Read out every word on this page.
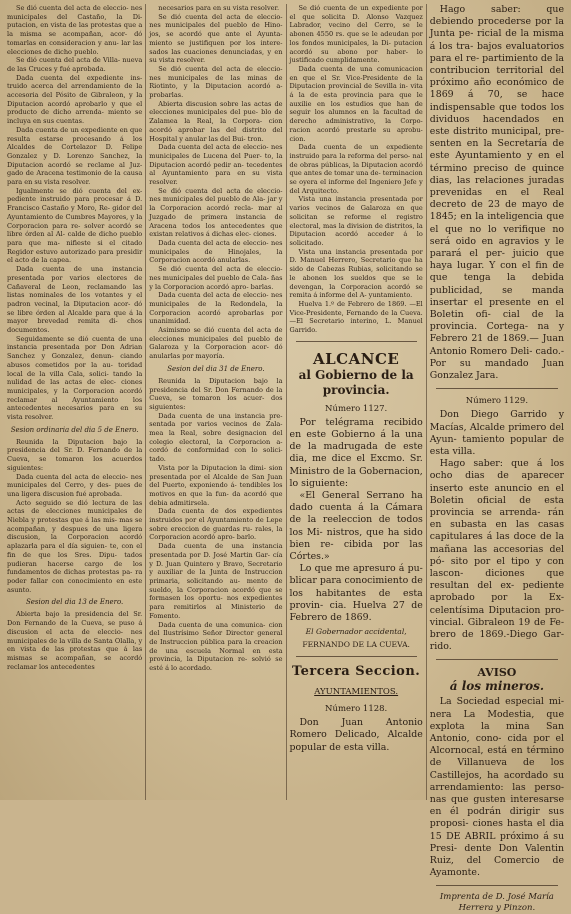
Se dió cuenta del acta de eleccio- nes municipales del Castaño, la Di- putacion, en vista de las protestas que a la misma se acompañan, acor- dó tomarlas en consideracion y anu- lar las elecciones de dicho pueblo.

Se dió cuenta del acta de Villa- nueva de las Cruces y fué aprobada.

Dada cuenta del expediente ins- truido acerca del arrendamiento de la accesoria del Pósito de Gibraleon, y la Diputacion acordó aprobarlo y que el producto de dicho arrenda- miento se incluya en sus cuentas.

Dada cuenta de un expediente en que resulta estarse procesando á los Alcaldes de Cortelazor D. Felipe Gonzalez y D. Lorenzo Sanchez, la Diputacion acordó se reclame al Juz- gado de Aracena testimonio de la causa para en su vista resolver.

Igualmente se dió cuenta del ex- pediente instruido para procesar á D. Francisco Castaño y Moro, Re- gidor del Ayuntamiento de Cumbres Mayores, y la Corporacion para re- solver acordó se libre órden al Al- calde de dicho pueblo para que ma- nifieste si el citado Regidor estuvo autorizado para presidir el acto de la capea.

Dada cuenta de una instancia presentada por varios electores de Cañaveral de Leon, reclamando las listas nominales de los votantes y el padron vecinal, la Diputacion acor- dó se libre órden al Alcalde para que á la mayor brevedad remita di- chos documentos.

Seguidamente se dió cuenta de una instancia presentada por Don Adrian Sanchez y Gonzalez, denun- ciando abusos cometidos por la au- toridad local de la villa Cala, solici- tando la nulidad de las actas de elec- ciones municipales, y la Corporacion acordó reclamar al Ayuntamiento los antecedentes necesarios para en su vista resolver.

Sesion ordinaria del dia 5 de Enero.

Reunida la Diputacion bajo la presidencia del Sr. D. Fernando de la Cueva, se tomaron los acuerdos siguientes:

Dada cuenta del acta de eleccio- nes municipales del Cerro, y des- pues de una ligera discusion fué aprobada.

Acto seguido se dió lectura de las actas de elecciones municipales de Niebla y protestas que á las mis- mas se acompañan, y despues de una ligera discusion, la Corporacion acordó aplazarla para el día siguien- te, con el fin de que los Sres. Dipu- tados pudieran hacerse cargo de los fundamentos de dichas protestas pa- ra poder fallar con conocimiento en este asunto.

Sesion del dia 13 de Enero.

Abierta bajo la presidencia del Sr. Don Fernando de la Cueva, se puso á discusion el acta de eleccio- nes municipales de la villa de Santa Olalla, y en vista de las protestas que á las mismas se acompañan, se acordó reclamar los antecedentes

necesarios para en su vista resolver.

Se dió cuenta del acta de eleccio- nes municipales del pueblo de Hino- jos, se acordó que ante el Ayunta- miento se justifiquen por los intere- sados las cuaciones denunciadas, y en su vista resolver.

Se dió cuenta del acta de eleccio- nes municipales de las minas de Riotinto, y la Diputacion acordó a- probarlas.

Abierta discusion sobre las actas de elecciones municipales del pue- blo de Zalamea la Real, la Corpora- cion acordó aprobar las del distrito del Hospital y anular las del Bui- tron.

Dada cuenta del acta de eleccio- nes municipales de Lucena del Puer- to, la Diputacion acordó pedir an- tecedentes al Ayuntamiento para en su vista resolver.

Se dió cuenta del acta de eleccio- nes municipales del pueblo de Ala- jar y la Corporacion acordó recla- mar al Juzgado de primera instancia de Aracena todos los antecedentes que existan relativos á dichas elec- ciones.

Dada cuenta del acta de eleccio- nes municipales de Hinojales, la Corporacion acordó anularlas.

Se dió cuenta del acta de eleccio- nes municipales del pueblo de Cala- ñas y la Corporacion acordó apro- barlas.

Dada cuenta del acta de eleccio- nes municipales de la Redondela, la Corporacion acordó aprobarlas por unanimidad.

Asimismo se dió cuenta del acta de elecciones municipales del pueblo de Galaroza y la Corporacion acor- dó anularlas por mayoría.

Sesion del dia 31 de Enero.

Reunida la Diputacion bajo la presidencia del Sr. Don Fernando de la Cueva, se tomaron los acuer- dos siguientes:

Dada cuenta de una instancia pre- sentada por varios vecinos de Zala- mea la Real, sobre designacion del colegio electoral, la Corporacion a- cordó de conformidad con lo solici- tado.

Vista por la Diputacion la dimi- sion presentada por el Alcalde de San Juan del Puerto, exponiendo á- tendibles los motivos en que la fun- da acordó que debia admitirsela.

Dada cuenta de dos expedientes instruidos por el Ayuntamiento de Lepe sobre ereccion de guardas ru- rales, la Corporacion acordó apro- barlo.

Dada cuenta de una instancia presentada por D. José Martin Gar- cía y D. Juan Quintero y Bravo, Secretario y auxiliar de la Junta de Instruccion primaria, solicitando au- mento de sueldo, la Corporacion acordó que se formasen los oportu- nos expedientes para remitirlos al Ministerio de Fomento.

Dada cuenta de una comunica- cion del Ilustrísimo Señor Director general de Instruccion pública para la creacion de una escuela Normal en esta provincia, la Diputacion re- solvió se esté á lo acordado.

Se dió cuenta de un expediente por el que solicita D. Alonso Vazquez Labrador, vecino del Cerro, se le abonen 4550 rs. que se le adeudan por los fondos municipales, la Di- putacion acordó su abono por haber- lo justificado cumplidamente.

Dada cuenta de una comunicacion en que el Sr. Vice-Presidente de la Diputacion provincial de Sevilla in- vita á la de esta provincia para que le auxilie en los estudios que han de seguir los alumnos en la facultad de derecho administrativo, la Corpo- racion acordó prestarle su aprobu- cion.

Dada cuenta de un expediente instruido para la reforma del perso- nal de obras públicas, la Diputacion acordó que antes de tomar una de- terminacion se oyera el informe del Ingeniero Jefe y del Arquitecto.

Vista una instancia presentada por varios vecinos de Galaroza en que solicitan se reforme el registro electoral, mas la division de distritos, la Diputacion acordó acceder á lo solicitado.

Vista una instancia presentada por D. Manuel Herrero, Secretario que ha sido de Cabezas Rubias, solicitando se le abonen los sueldos que se le devengan, la Corporacion acordó se remita á informe del A- yuntamiento.

Huelva 1.º de Febrero de 1869. —El Vice-Presidente, Fernando de la Cueva.—El Secretario interino, L. Manuel Garrido.

ALCANCE

al Gobierno de la provincia.

Número 1127.

Por telégrama recibido en este Gobierno á la una de la madrugada de este dia, me dice el Excmo. Sr. Ministro de la Gobernacion, lo siguiente:

«El General Serrano ha dado cuenta á la Cámara de la reeleccion de todos los Mi- nistros, que ha sido bien re- cibida por las Córtes.»

Lo que me apresuro á pu- blicar para conocimiento de los habitantes de esta provin- cia. Huelva 27 de Febrero de 1869.

El Gobernador accidental,

FERNANDO DE LA CUEVA.

Tercera Seccion.

AYUNTAMIENTOS.

Número 1128.

Don Juan Antonio Romero Delicado, Alcalde popular de esta villa.

Hago saber: que debiendo procederse por la Junta pe- ricial de la misma á los tra- bajos evaluatorios para el re- partimiento de la contribucion territorial del próximo año económico de 1869 á 70, se hace indispensable que todos los dividuos hacendados en este distrito municipal, pre- senten en la Secretaría de este Ayuntamiento y en el término preciso de quince dias, las relaciones juradas prevenidas en el Real decreto de 23 de mayo de 1845; en la inteligencia que el que no lo verifique no será oido en agravios y le parará el per- juicio que haya lugar. Y con el fin de que tenga la debida publicidad, se manda insertar el presente en el Boletin ofi- cial de la provincia. Cortega- na y Febrero 21 de 1869.— Juan Antonio Romero Deli- cado.-Por su mandado Juan Gonzalez Jara.

Número 1129.

Don Diego Garrido y Macías, Alcalde primero del Ayun- tamiento popular de esta villa.

Hago saber: que á los ocho dias de aparecer inserto este anuncio en el Boletin oficial de esta provincia se arrenda- rán en subasta en las casas capitulares á las doce de la mañana las accesorias del pó- sito por el tipo y con lascon- diciones que resultan del ex- pediente aprobado por la Ex- celentísima Diputacion pro- vincial. Gibraleon 19 de Fe- brero de 1869.-Diego Gar- rido.

AVISO

á los mineros.

La Sociedad especial mi- nera La Modestia, que explota la mina San Antonio, cono- cida por el Alcornocal, está en término de Villanueva de los Castillejos, ha acordado su arrendamiento: las perso- nas que gusten interesarse en él podrán dirigir sus proposi- ciones hasta el dia 15 DE ABRIL próximo á su Presi- dente Don Valentin Ruiz, del Comercio de Ayamonte.

Imprenta de D. José María Herrera y Pinzon.
